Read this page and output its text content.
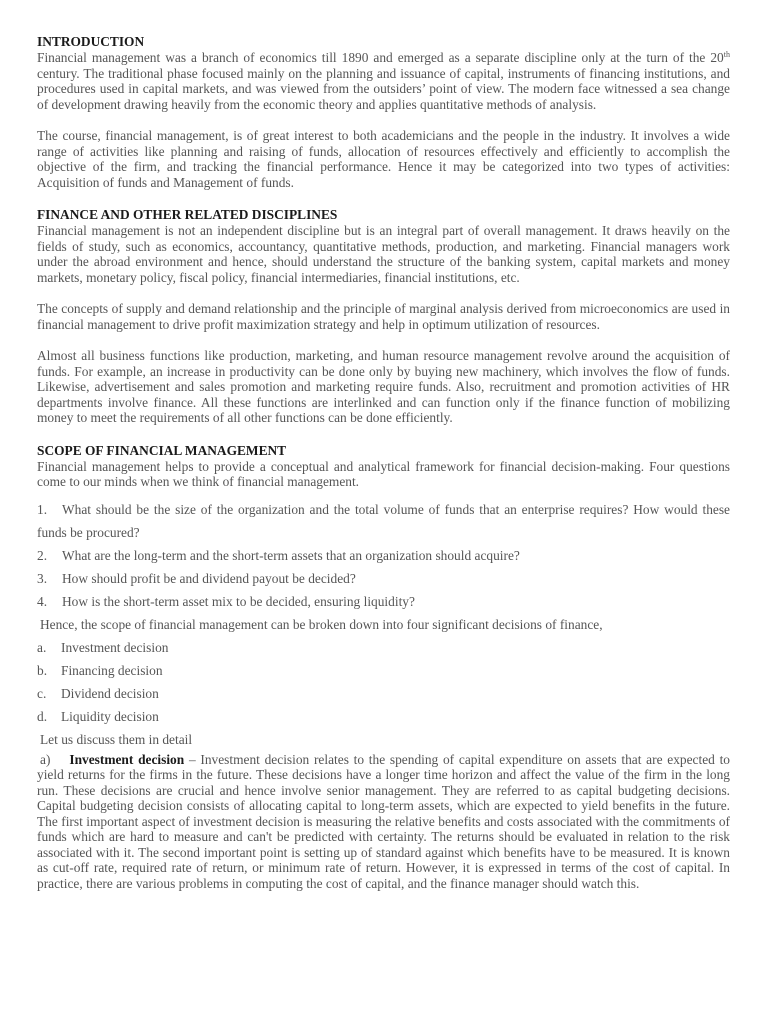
INTRODUCTION

Financial management was a branch of economics till 1890 and emerged as a separate discipline only at the turn of the 20th century. The traditional phase focused mainly on the planning and issuance of capital, instruments of financing institutions, and procedures used in capital markets, and was viewed from the outsiders’ point of view. The modern face witnessed a sea change of development drawing heavily from the economic theory and applies quantitative methods of analysis.

The course, financial management, is of great interest to both academicians and the people in the industry. It involves a wide range of activities like planning and raising of funds, allocation of resources effectively and efficiently to accomplish the objective of the firm, and tracking the financial performance. Hence it may be categorized into two types of activities: Acquisition of funds and Management of funds.

FINANCE AND OTHER RELATED DISCIPLINES

Financial management is not an independent discipline but is an integral part of overall management. It draws heavily on the fields of study, such as economics, accountancy, quantitative methods, production, and marketing. Financial managers work under the abroad environment and hence, should understand the structure of the banking system, capital markets and money markets, monetary policy, fiscal policy, financial intermediaries, financial institutions, etc.

The concepts of supply and demand relationship and the principle of marginal analysis derived from microeconomics are used in financial management to drive profit maximization strategy and help in optimum utilization of resources.

Almost all business functions like production, marketing, and human resource management revolve around the acquisition of funds. For example, an increase in productivity can be done only by buying new machinery, which involves the flow of funds. Likewise, advertisement and sales promotion and marketing require funds. Also, recruitment and promotion activities of HR departments involve finance. All these functions are interlinked and can function only if the finance function of mobilizing money to meet the requirements of all other functions can be done efficiently.

SCOPE OF FINANCIAL MANAGEMENT

Financial management helps to provide a conceptual and analytical framework for financial decision-making. Four questions come to our minds when we think of financial management.

1. What should be the size of the organization and the total volume of funds that an enterprise requires? How would these funds be procured?
2. What are the long-term and the short-term assets that an organization should acquire?
3. How should profit be and dividend payout be decided?
4. How is the short-term asset mix to be decided, ensuring liquidity?
Hence, the scope of financial management can be broken down into four significant decisions of finance,
a. Investment decision
b. Financing decision
c. Dividend decision
d. Liquidity decision
Let us discuss them in detail

a) Investment decision – Investment decision relates to the spending of capital expenditure on assets that are expected to yield returns for the firms in the future. These decisions have a longer time horizon and affect the value of the firm in the long run. These decisions are crucial and hence involve senior management. They are referred to as capital budgeting decisions. Capital budgeting decision consists of allocating capital to long-term assets, which are expected to yield benefits in the future. The first important aspect of investment decision is measuring the relative benefits and costs associated with the commitments of funds which are hard to measure and can't be predicted with certainty. The returns should be evaluated in relation to the risk associated with it. The second important point is setting up of standard against which benefits have to be measured. It is known as cut-off rate, required rate of return, or minimum rate of return. However, it is expressed in terms of the cost of capital. In practice, there are various problems in computing the cost of capital, and the finance manager should watch this.
